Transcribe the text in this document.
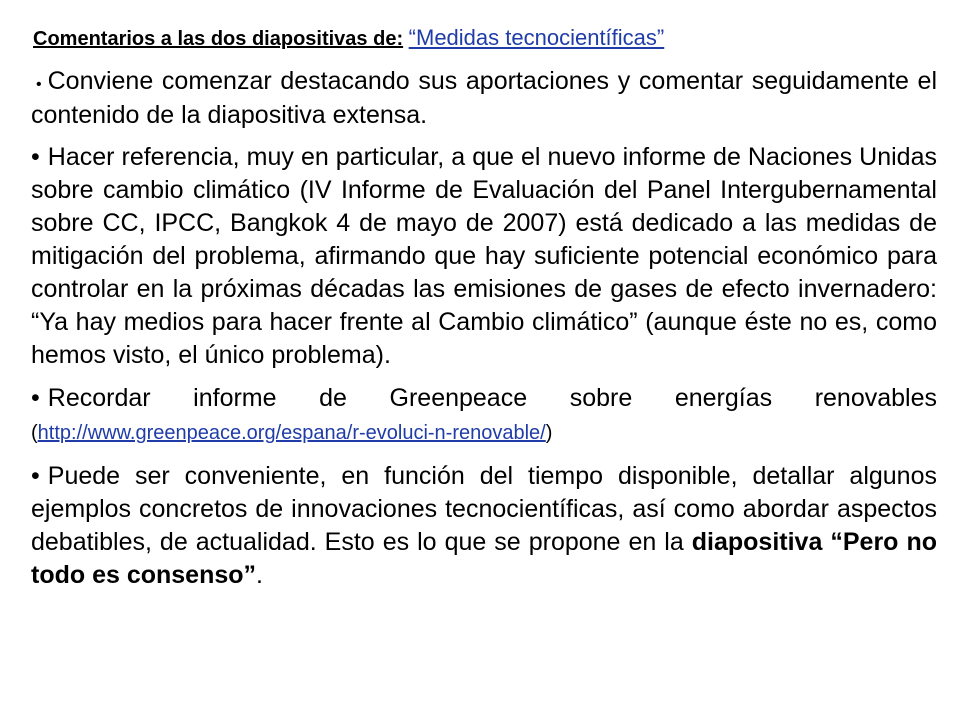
Comentarios a las dos diapositivas de: “Medidas tecnocientíficas”

• Conviene comenzar destacando sus aportaciones y comentar seguidamente el contenido de la diapositiva extensa.

• Hacer referencia, muy en particular, a que el nuevo informe de Naciones Unidas sobre cambio climático (IV Informe de Evaluación del Panel Intergubernamental sobre CC, IPCC, Bangkok 4 de mayo de 2007) está dedicado a las medidas de mitigación del problema, afirmando que hay suficiente potencial económico para controlar en la próximas décadas las emisiones de gases de efecto invernadero: “Ya hay medios para hacer frente al Cambio climático” (aunque éste no es, como hemos visto, el único problema).

• Recordar informe de Greenpeace sobre energías renovables (http://www.greenpeace.org/espana/r-evoluci-n-renovable/)

• Puede ser conveniente, en función del tiempo disponible, detallar algunos ejemplos concretos de innovaciones tecnocientíficas, así como abordar aspectos debatibles, de actualidad. Esto es lo que se propone en la diapositiva “Pero no todo es consenso”.
